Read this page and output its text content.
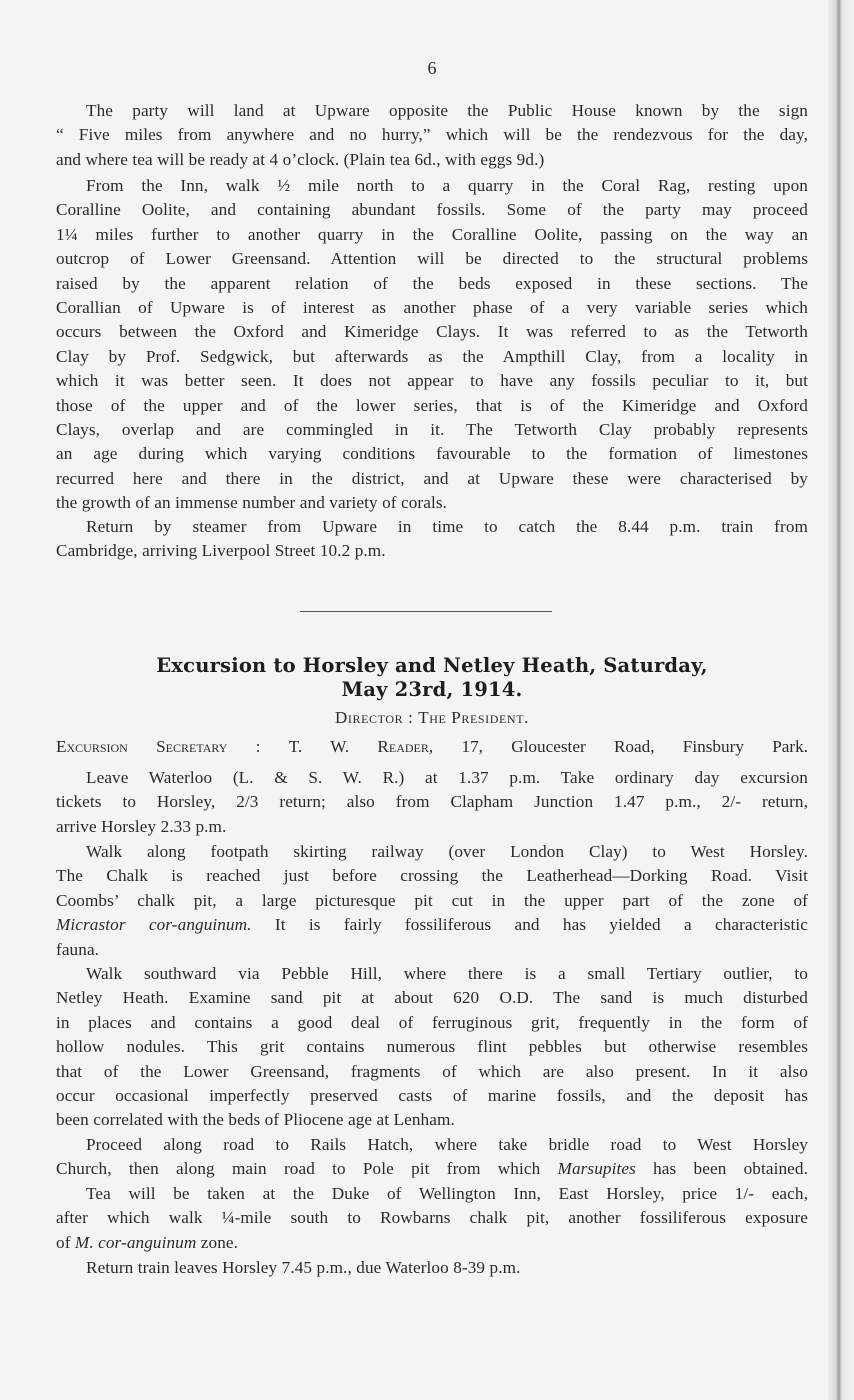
6
The party will land at Upware opposite the Public House known by the sign
“ Five miles from anywhere and no hurry,” which will be the rendezvous for the day,
and where tea will be ready at 4 o’clock. (Plain tea 6d., with eggs 9d.)
From the Inn, walk ½ mile north to a quarry in the Coral Rag, resting upon
Coralline Oolite, and containing abundant fossils. Some of the party may proceed
1¼ miles further to another quarry in the Coralline Oolite, passing on the way an
outcrop of Lower Greensand. Attention will be directed to the structural problems
raised by the apparent relation of the beds exposed in these sections. The
Corallian of Upware is of interest as another phase of a very variable series which
occurs between the Oxford and Kimeridge Clays. It was referred to as the Tetworth
Clay by Prof. Sedgwick, but afterwards as the Ampthill Clay, from a locality in
which it was better seen. It does not appear to have any fossils peculiar to it, but
those of the upper and of the lower series, that is of the Kimeridge and Oxford
Clays, overlap and are commingled in it. The Tetworth Clay probably represents
an age during which varying conditions favourable to the formation of limestones
recurred here and there in the district, and at Upware these were characterised by
the growth of an immense number and variety of corals.
Return by steamer from Upware in time to catch the 8.44 p.m. train from
Cambridge, arriving Liverpool Street 10.2 p.m.
Excursion to Horsley and Netley Heath, Saturday,
May 23rd, 1914.
Director : The President.
Excursion Secretary : T. W. Reader, 17, Gloucester Road, Finsbury Park.
Leave Waterloo (L. & S. W. R.) at 1.37 p.m. Take ordinary day excursion
tickets to Horsley, 2/3 return; also from Clapham Junction 1.47 p.m., 2/- return,
arrive Horsley 2.33 p.m.
Walk along footpath skirting railway (over London Clay) to West Horsley.
The Chalk is reached just before crossing the Leatherhead—Dorking Road. Visit
Coombs’ chalk pit, a large picturesque pit cut in the upper part of the zone of
Micrastor cor-anguinum. It is fairly fossiliferous and has yielded a characteristic
fauna.
Walk southward via Pebble Hill, where there is a small Tertiary outlier, to
Netley Heath. Examine sand pit at about 620 O.D. The sand is much disturbed
in places and contains a good deal of ferruginous grit, frequently in the form of
hollow nodules. This grit contains numerous flint pebbles but otherwise resembles
that of the Lower Greensand, fragments of which are also present. In it also
occur occasional imperfectly preserved casts of marine fossils, and the deposit has
been correlated with the beds of Pliocene age at Lenham.
Proceed along road to Rails Hatch, where take bridle road to West Horsley
Church, then along main road to Pole pit from which Marsupites has been obtained.
Tea will be taken at the Duke of Wellington Inn, East Horsley, price 1/- each,
after which walk ¼-mile south to Rowbarns chalk pit, another fossiliferous exposure
of M. cor-anguinum zone.
Return train leaves Horsley 7.45 p.m., due Waterloo 8-39 p.m.
